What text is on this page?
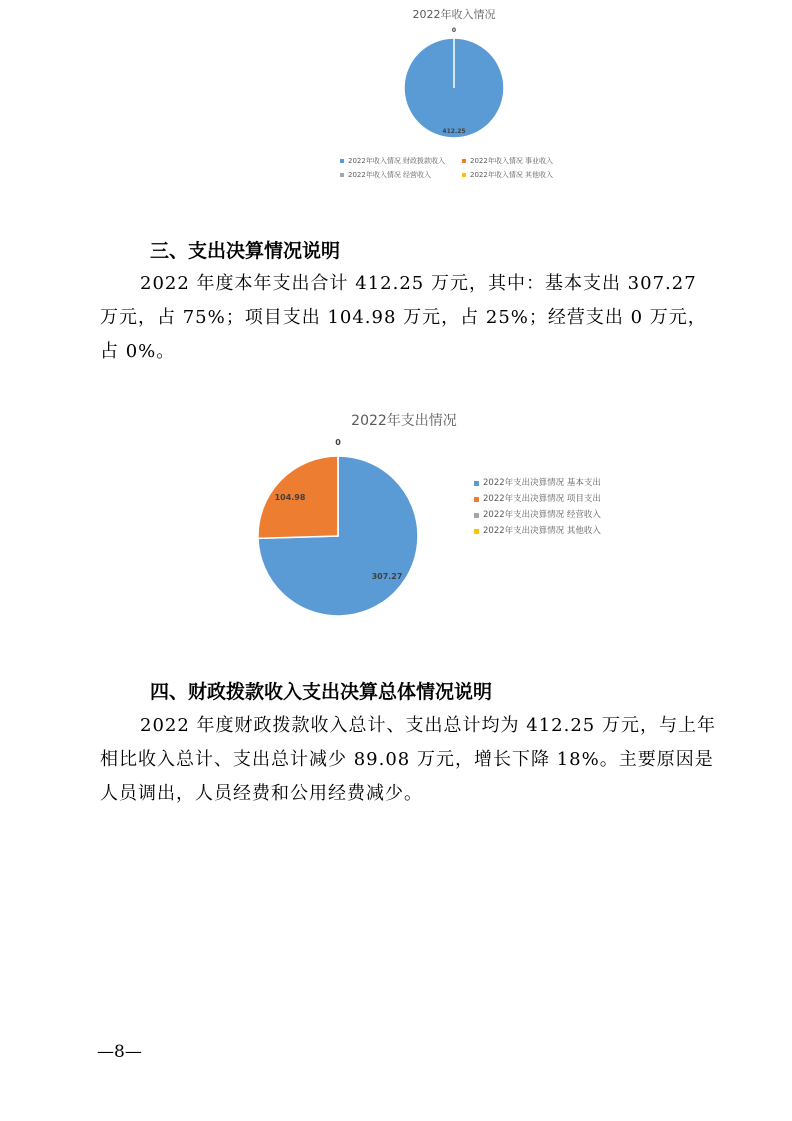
2022年收入情况
412.25
0
2022年收入情况 财政拨款收入	2022年收入情况 事业收入
2022年收入情况 经营收入	2022年收入情况 其他收入
三、支出决算情况说明
2022 年度本年支出合计 412.25 万元，其中：基本支出 307.27 万元，占 75%；项目支出 104.98 万元，占 25%；经营支出 0 万元，占 0%。
2022年支出情况
307.27
104.98
0
2022年支出决算情况 基本支出
2022年支出决算情况 项目支出
2022年支出决算情况 经营收入
2022年支出决算情况 其他收入
四、财政拨款收入支出决算总体情况说明
2022 年度财政拨款收入总计、支出总计均为 412.25 万元，与上年相比收入总计、支出总计减少 89.08 万元，增长下降 18%。主要原因是人员调出，人员经费和公用经费减少。
—8—
